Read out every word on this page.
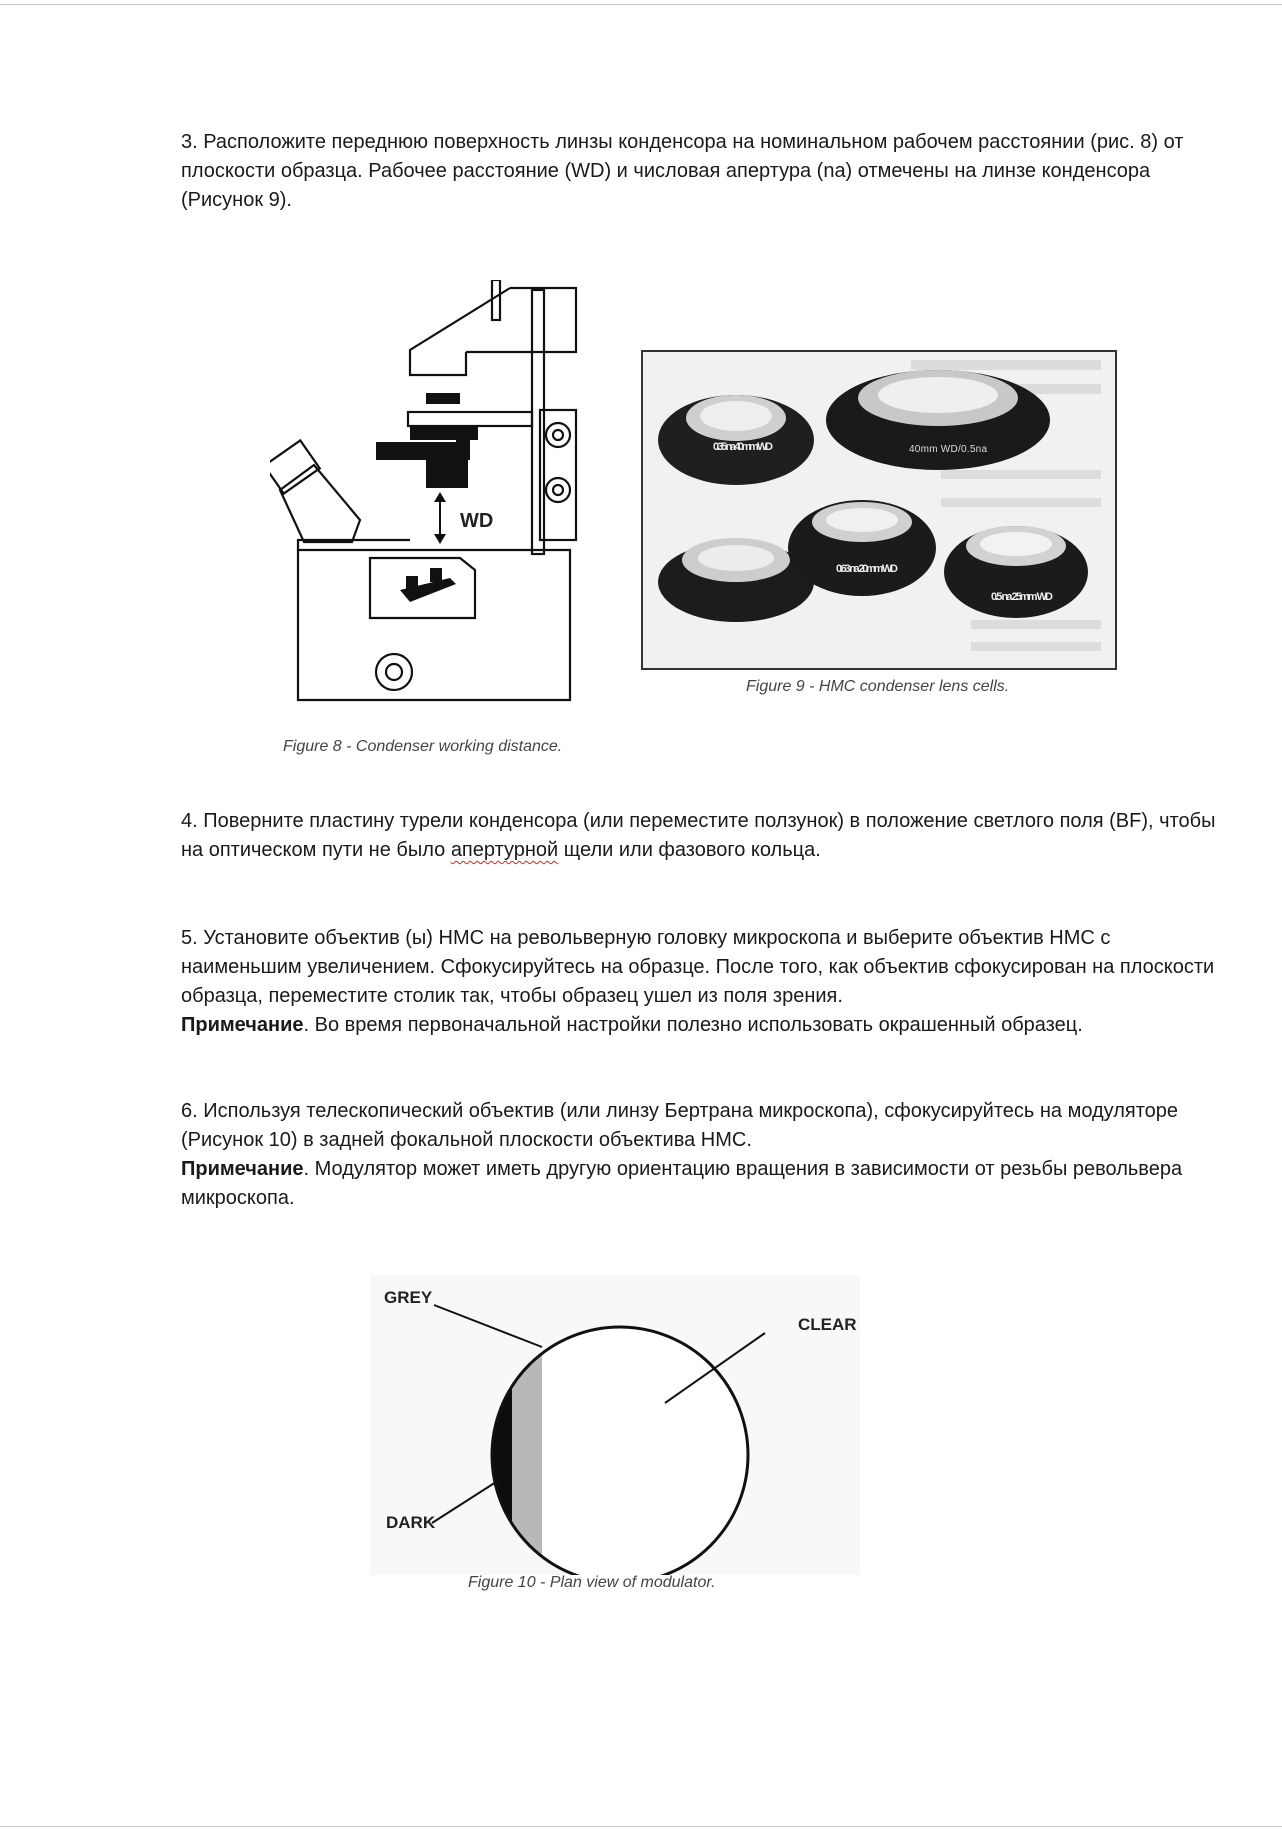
3. Расположите переднюю поверхность линзы конденсора на номинальном рабочем расстоянии (рис. 8) от плоскости образца. Рабочее расстояние (WD) и числовая апертура (na) отмечены на линзе конденсора (Рисунок 9).

WD
Figure 8 - Condenser working distance.
0.35 na 40mm WD	40mm WD/0.5na
0.63 na 20mm WD
0.5 na 25mm WD
Figure 9 - HMC condenser lens cells.

4. Поверните пластину турели конденсора (или переместите ползунок) в положение светлого поля (BF), чтобы на оптическом пути не было апертурной щели или фазового кольца.

5. Установите объектив (ы) HMC на револьверную головку микроскопа и выберите объектив HMC с наименьшим увеличением. Сфокусируйтесь на образце. После того, как объектив сфокусирован на плоскости образца, переместите столик так, чтобы образец ушел из поля зрения.
Примечание. Во время первоначальной настройки полезно использовать окрашенный образец.
6. Используя телескопический объектив (или линзу Бертрана микроскопа), сфокусируйтесь на модуляторе (Рисунок 10) в задней фокальной плоскости объектива HMC.
Примечание. Модулятор может иметь другую ориентацию вращения в зависимости от резьбы револьвера микроскопа.
GREY
CLEAR
DARK
Figure 10 - Plan view of modulator.
